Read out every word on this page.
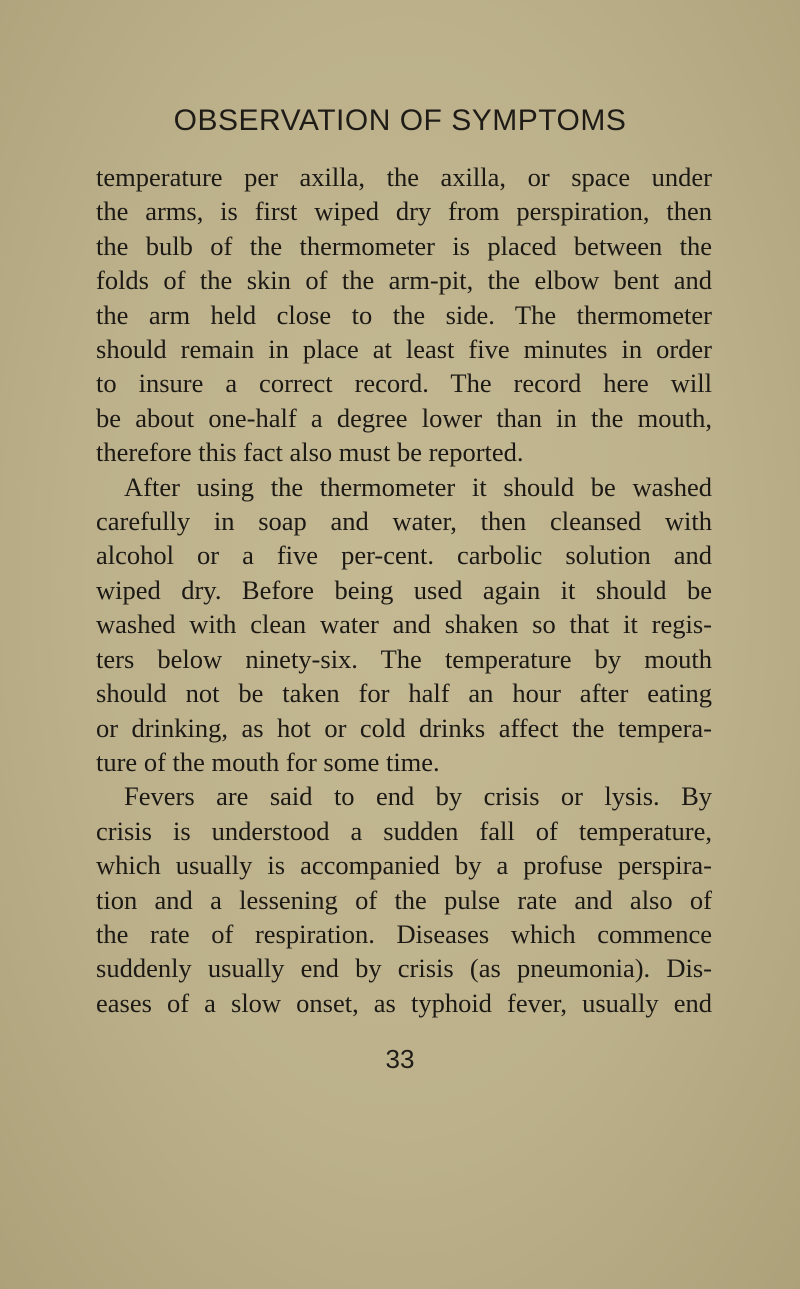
OBSERVATION OF SYMPTOMS
temperature per axilla, the axilla, or space under
the arms, is first wiped dry from perspiration, then
the bulb of the thermometer is placed between the
folds of the skin of the arm-pit, the elbow bent and
the arm held close to the side. The thermometer
should remain in place at least five minutes in order
to insure a correct record. The record here will
be about one-half a degree lower than in the mouth,
therefore this fact also must be reported.
After using the thermometer it should be washed
carefully in soap and water, then cleansed with
alcohol or a five per-cent. carbolic solution and
wiped dry. Before being used again it should be
washed with clean water and shaken so that it regis-
ters below ninety-six. The temperature by mouth
should not be taken for half an hour after eating
or drinking, as hot or cold drinks affect the tempera-
ture of the mouth for some time.
Fevers are said to end by crisis or lysis. By
crisis is understood a sudden fall of temperature,
which usually is accompanied by a profuse perspira-
tion and a lessening of the pulse rate and also of
the rate of respiration. Diseases which commence
suddenly usually end by crisis (as pneumonia). Dis-
eases of a slow onset, as typhoid fever, usually end
33
